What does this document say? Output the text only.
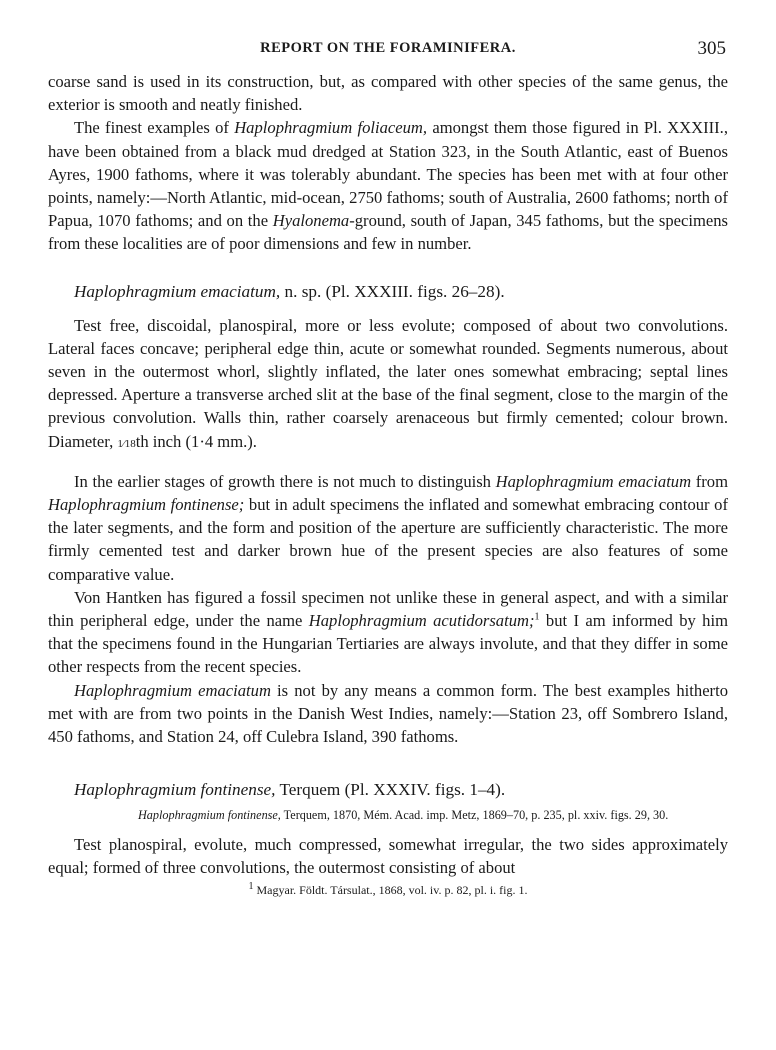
REPORT ON THE FORAMINIFERA.	305

coarse sand is used in its construction, but, as compared with other species of the same genus, the exterior is smooth and neatly finished.

The finest examples of Haplophragmium foliaceum, amongst them those figured in Pl. XXXIII., have been obtained from a black mud dredged at Station 323, in the South Atlantic, east of Buenos Ayres, 1900 fathoms, where it was tolerably abundant. The species has been met with at four other points, namely:—North Atlantic, mid-ocean, 2750 fathoms; south of Australia, 2600 fathoms; north of Papua, 1070 fathoms; and on the Hyalonema-ground, south of Japan, 345 fathoms, but the specimens from these localities are of poor dimensions and few in number.

Haplophragmium emaciatum, n. sp. (Pl. XXXIII. figs. 26–28).

Test free, discoidal, planospiral, more or less evolute; composed of about two convolutions. Lateral faces concave; peripheral edge thin, acute or somewhat rounded. Segments numerous, about seven in the outermost whorl, slightly inflated, the later ones somewhat embracing; septal lines depressed. Aperture a transverse arched slit at the base of the final segment, close to the margin of the previous convolution. Walls thin, rather coarsely arenaceous but firmly cemented; colour brown. Diameter, 1⁄18th inch (1·4 mm.).

In the earlier stages of growth there is not much to distinguish Haplophragmium emaciatum from Haplophragmium fontinense; but in adult specimens the inflated and somewhat embracing contour of the later segments, and the form and position of the aperture are sufficiently characteristic. The more firmly cemented test and darker brown hue of the present species are also features of some comparative value.

Von Hantken has figured a fossil specimen not unlike these in general aspect, and with a similar thin peripheral edge, under the name Haplophragmium acutidorsatum;$^1$ but I am informed by him that the specimens found in the Hungarian Tertiaries are always involute, and that they differ in some other respects from the recent species.

Haplophragmium emaciatum is not by any means a common form. The best examples hitherto met with are from two points in the Danish West Indies, namely:—Station 23, off Sombrero Island, 450 fathoms, and Station 24, off Culebra Island, 390 fathoms.

Haplophragmium fontinense, Terquem (Pl. XXXIV. figs. 1–4).

Haplophragmium fontinense, Terquem, 1870, Mém. Acad. imp. Metz, 1869–70, p. 235, pl. xxiv. figs. 29, 30.

Test planospiral, evolute, much compressed, somewhat irregular, the two sides approximately equal; formed of three convolutions, the outermost consisting of about

$^1$ Magyar. Földt. Társulat., 1868, vol. iv. p. 82, pl. i. fig. 1.
